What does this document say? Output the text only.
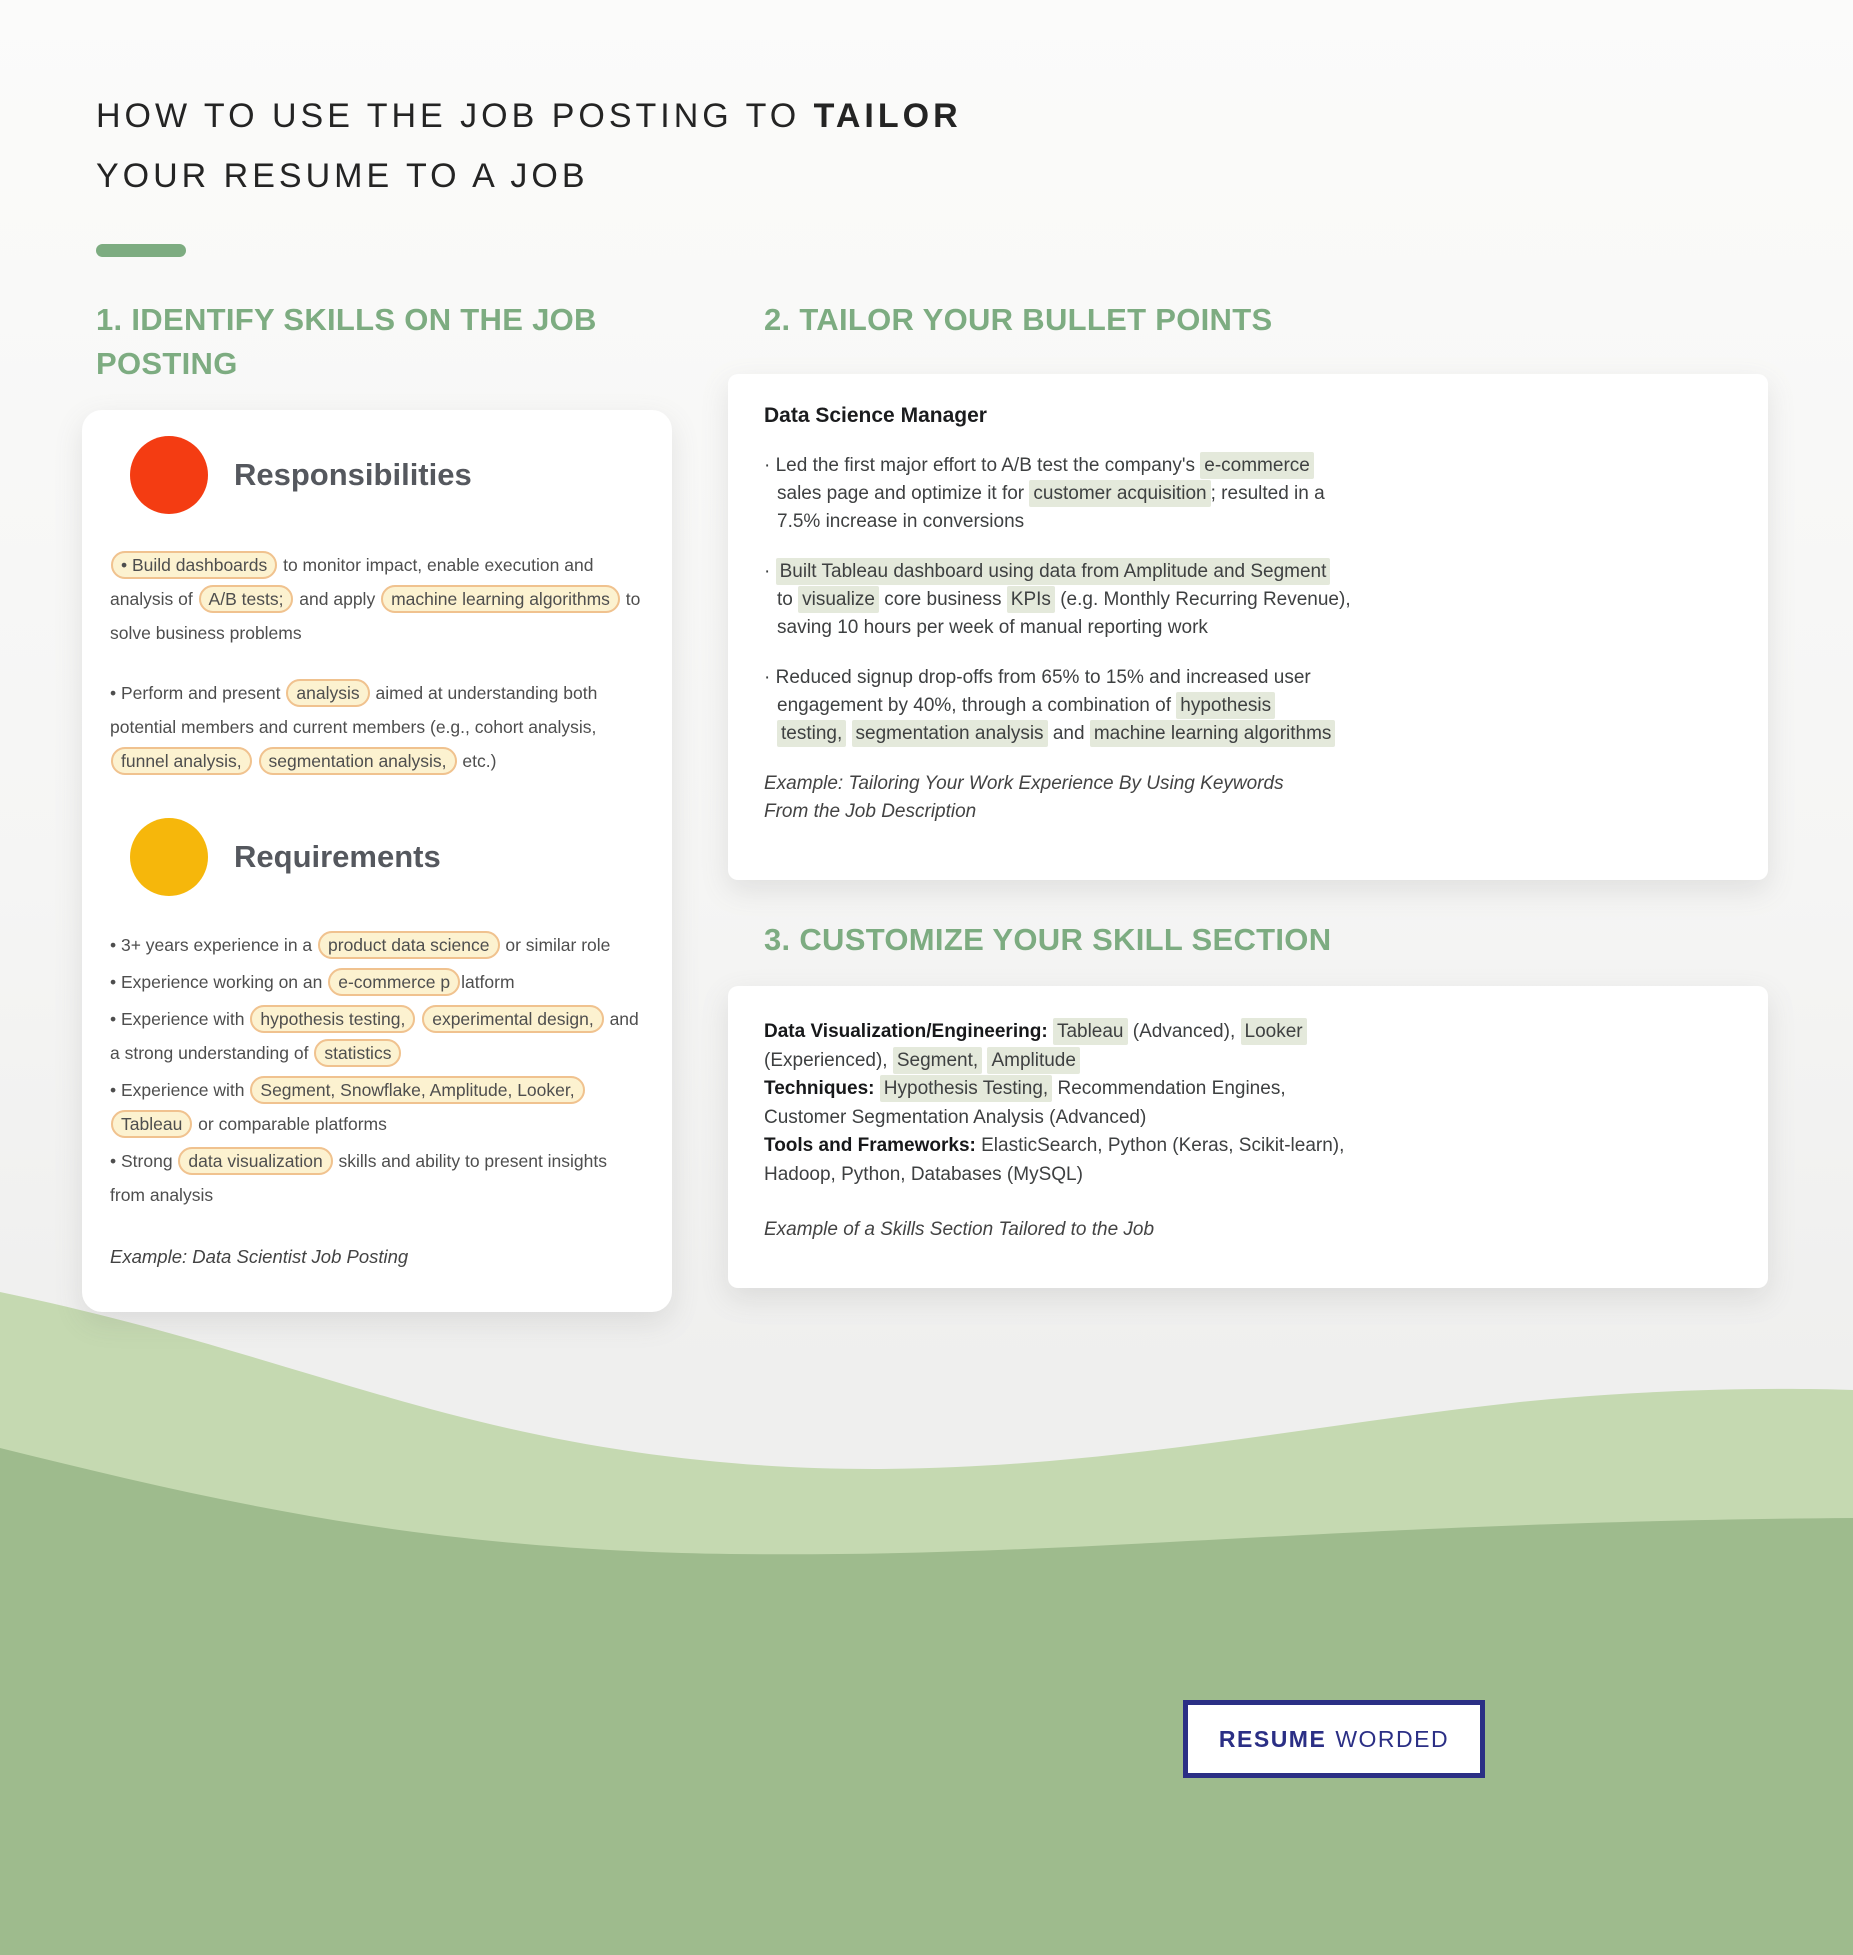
HOW TO USE THE JOB POSTING TO TAILOR
YOUR RESUME TO A JOB
1. IDENTIFY SKILLS ON THE JOB
POSTING
2. TAILOR YOUR BULLET POINTS
3. CUSTOMIZE YOUR SKILL SECTION
Responsibilities

• Build dashboards to monitor impact, enable execution and analysis of A/B tests; and apply machine learning algorithms to solve business problems

• Perform and present analysis aimed at understanding both potential members and current members (e.g., cohort analysis, funnel analysis, segmentation analysis, etc.)

Requirements

• 3+ years experience in a product data science or similar role

• Experience working on an e-commerce p latform

• Experience with hypothesis testing, experimental design, and a strong understanding of statistics

• Experience with Segment, Snowflake, Amplitude, Looker, Tableau or comparable platforms

• Strong data visualization skills and ability to present insights from analysis

Example: Data Scientist Job Posting
Data Science Manager

· Led the first major effort to A/B test the company's e-commerce
sales page and optimize it for customer acquisition ; resulted in a
7.5% increase in conversions

· Built Tableau dashboard using data from Amplitude and Segment
to visualize core business KPIs (e.g. Monthly Recurring Revenue),
saving 10 hours per week of manual reporting work

· Reduced signup drop-offs from 65% to 15% and increased user
engagement by 40%, through a combination of hypothesis
testing, segmentation analysis and machine learning algorithms

Example: Tailoring Your Work Experience By Using Keywords
From the Job Description

Data Visualization/Engineering: Tableau (Advanced), Looker
(Experienced), Segment, Amplitude

Techniques: Hypothesis Testing, Recommendation Engines,
Customer Segmentation Analysis (Advanced)

Tools and Frameworks: ElasticSearch, Python (Keras, Scikit-learn),
Hadoop, Python, Databases (MySQL)

Example of a Skills Section Tailored to the Job
RESUME WORDED
